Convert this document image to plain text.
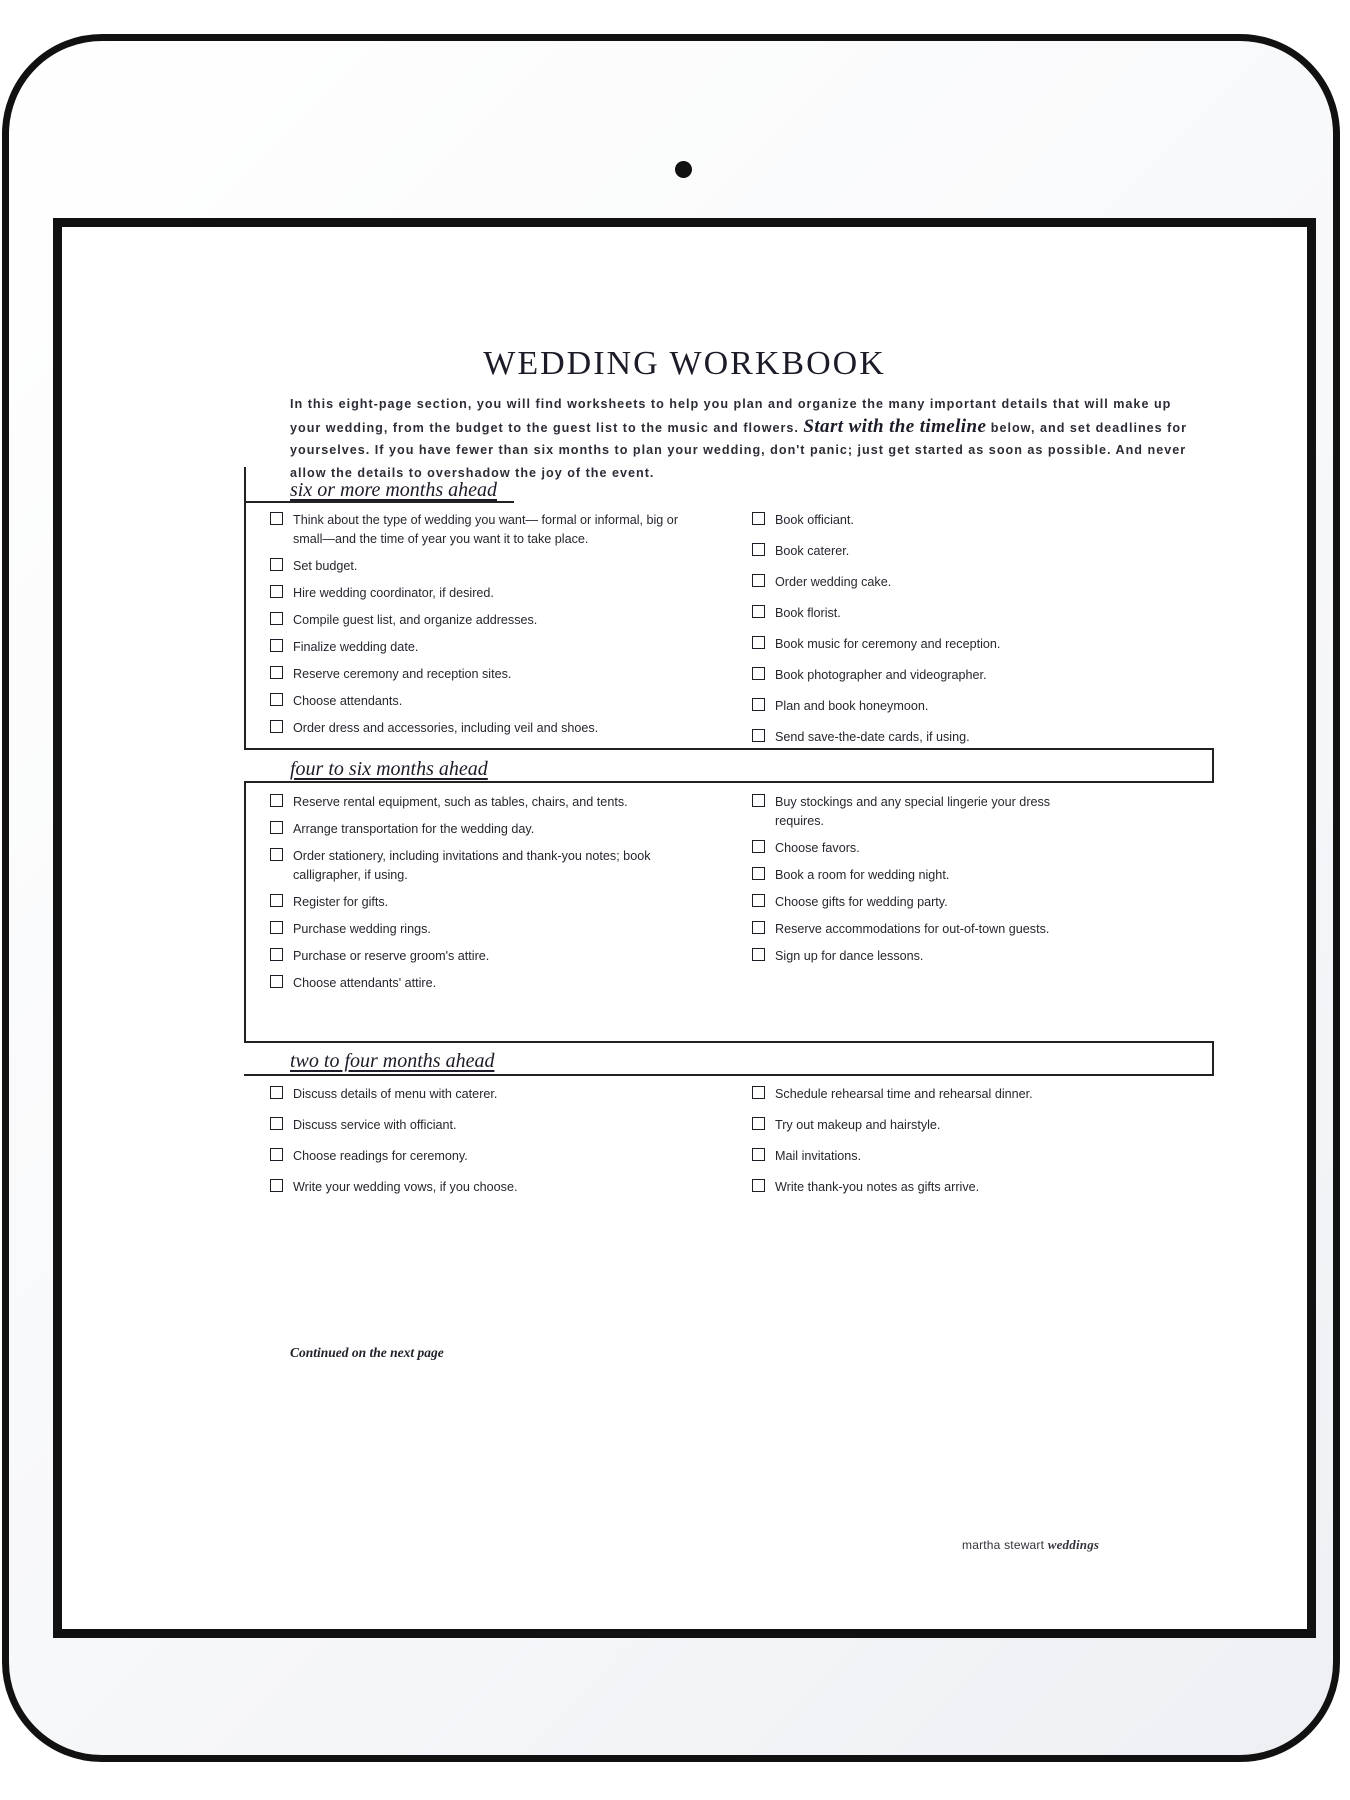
WEDDING WORKBOOK
In this eight-page section, you will find worksheets to help you plan and organize the many important details that will make up your wedding, from the budget to the guest list to the music and flowers. Start with the timeline below, and set deadlines for yourselves. If you have fewer than six months to plan your wedding, don't panic; just get started as soon as possible. And never allow the details to overshadow the joy of the event.
six or more months ahead
Think about the type of wedding you want— formal or informal, big or small—and the time of year you want it to take place.
Set budget.
Hire wedding coordinator, if desired.
Compile guest list, and organize addresses.
Finalize wedding date.
Reserve ceremony and reception sites.
Choose attendants.
Order dress and accessories, including veil and shoes.
Book officiant.
Book caterer.
Order wedding cake.
Book florist.
Book music for ceremony and reception.
Book photographer and videographer.
Plan and book honeymoon.
Send save-the-date cards, if using.
four to six months ahead
Reserve rental equipment, such as tables, chairs, and tents.
Arrange transportation for the wedding day.
Order stationery, including invitations and thank-you notes; book calligrapher, if using.
Register for gifts.
Purchase wedding rings.
Purchase or reserve groom's attire.
Choose attendants' attire.
Buy stockings and any special lingerie your dress requires.
Choose favors.
Book a room for wedding night.
Choose gifts for wedding party.
Reserve accommodations for out-of-town guests.
Sign up for dance lessons.
two to four months ahead
Discuss details of menu with caterer.
Discuss service with officiant.
Choose readings for ceremony.
Write your wedding vows, if you choose.
Schedule rehearsal time and rehearsal dinner.
Try out makeup and hairstyle.
Mail invitations.
Write thank-you notes as gifts arrive.
Continued on the next page
martha stewart weddings
